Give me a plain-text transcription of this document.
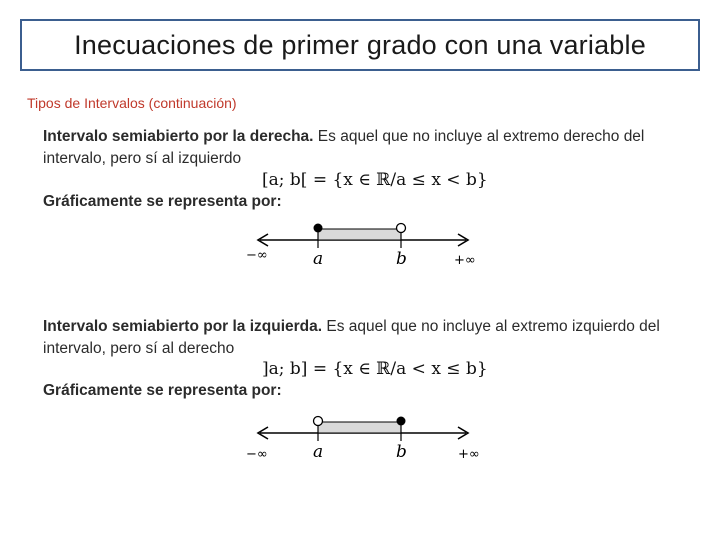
Inecuaciones de primer grado con una variable
Tipos de Intervalos (continuación)

Intervalo semiabierto por la derecha. Es aquel que no incluye al extremo derecho del intervalo, pero sí al izquierdo

[a; b[ = {x ∈ ℝ/a ≤ x < b}
Gráficamente se representa por:
−∞	a	b	+∞

Intervalo semiabierto por la izquierda. Es aquel que no incluye al extremo izquierdo del intervalo, pero sí al derecho

]a; b] = {x ∈ ℝ/a < x ≤ b}
Gráficamente se representa por:
−∞	a	b	+∞
